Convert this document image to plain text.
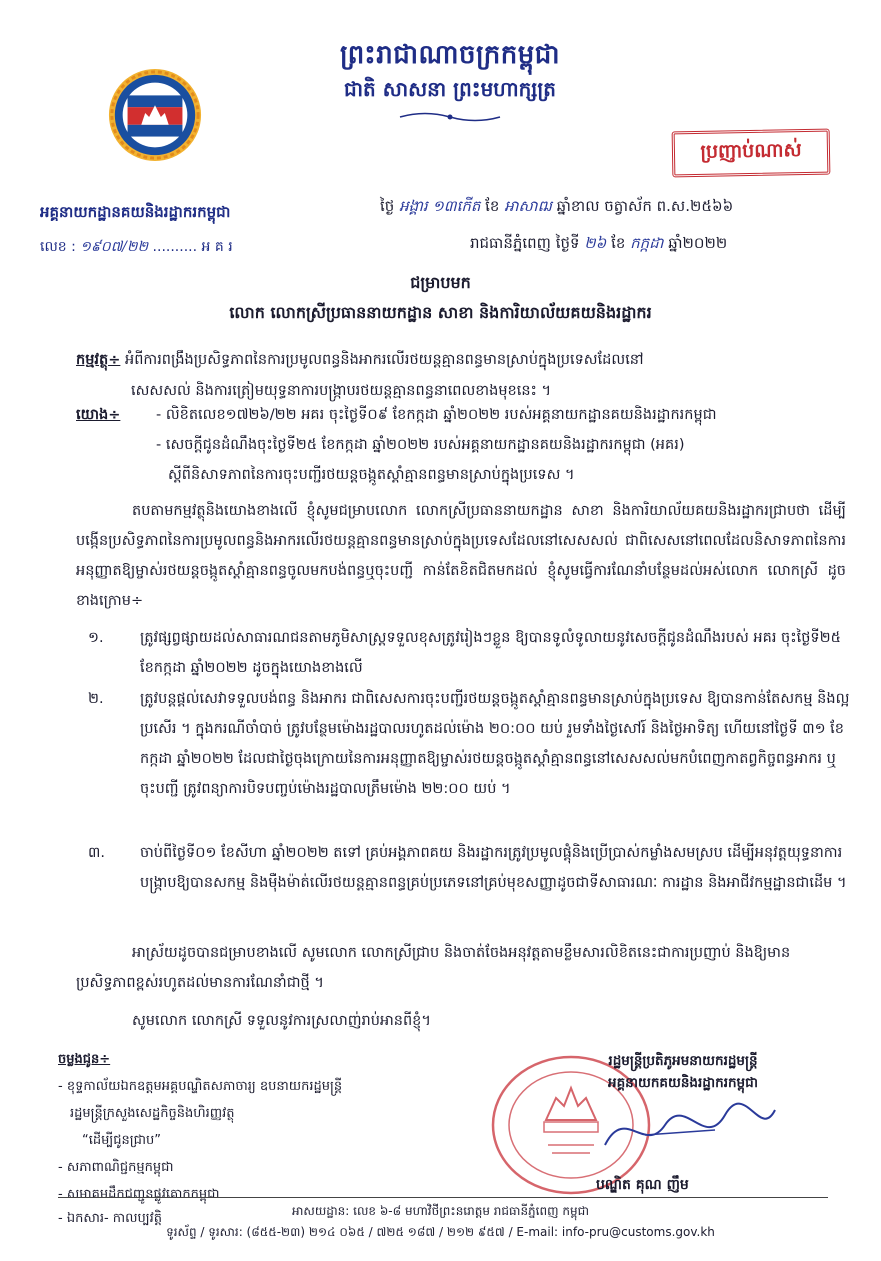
ព្រះរាជាណាចក្រកម្ពុជា
ជាតិ សាសនា ព្រះមហាក្សត្រ
ប្រញាប់ណាស់
អគ្គនាយកដ្ឋានគយនិងរដ្ឋាករកម្ពុជា
លេខ : ១៩០៧/២២ .......... អ គ រ
ថ្ងៃ អង្គារ ១៣កើត ខែ អាសាឍ ឆ្នាំខាល ចត្វាស័ក ព.ស.២៥៦៦
រាជធានីភ្នំពេញ ថ្ងៃទី ២៦ ខែ កក្កដា ឆ្នាំ២០២២
ជម្រាបមក
លោក លោកស្រីប្រធាននាយកដ្ឋាន សាខា និងការិយាល័យគយនិងរដ្ឋាករ
កម្មវត្ថុ÷ អំពីការពង្រឹងប្រសិទ្ធភាពនៃការប្រមូលពន្ធនិងអាករលើរថយន្តគ្មានពន្ធមានស្រាប់ក្នុងប្រទេសដែលនៅ
សេសសល់ និងការត្រៀមយុទ្ធនាការបង្ក្រាបរថយន្តគ្មានពន្ធនាពេលខាងមុខនេះ ។
យោង÷	- លិខិតលេខ១៧២៦/២២ អគរ ចុះថ្ងៃទី០៩ ខែកក្កដា ឆ្នាំ២០២២ របស់អគ្គនាយកដ្ឋានគយនិងរដ្ឋាករកម្ពុជា
- សេចក្តីជូនដំណឹងចុះថ្ងៃទី២៥ ខែកក្កដា ឆ្នាំ២០២២ របស់អគ្គនាយកដ្ឋានគយនិងរដ្ឋាករកម្ពុជា (អគរ)
ស្តីពីនិសាទភាពនៃការចុះបញ្ជីរថយន្តចង្កូតស្តាំគ្មានពន្ធមានស្រាប់ក្នុងប្រទេស ។
តបតាមកម្មវត្ថុនិងយោងខាងលើ ខ្ញុំសូមជម្រាបលោក លោកស្រីប្រធាននាយកដ្ឋាន សាខា និងការិយាល័យគយនិងរដ្ឋាករជ្រាបថា ដើម្បីបង្កើនប្រសិទ្ធភាពនៃការប្រមូលពន្ធនិងអាករលើរថយន្តគ្មានពន្ធមានស្រាប់ក្នុងប្រទេសដែលនៅសេសសល់ ជាពិសេសនៅពេលដែលនិសាទភាពនៃការអនុញ្ញាតឱ្យម្ចាស់រថយន្តចង្កូតស្តាំគ្មានពន្ធចូលមកបង់ពន្ធឬចុះបញ្ជី កាន់តែខិតជិតមកដល់ ខ្ញុំសូមធ្វើការណែនាំបន្ថែមដល់អស់លោក លោកស្រី ដូចខាងក្រោម÷
១.	ត្រូវផ្សព្វផ្សាយដល់សាធារណជនតាមភូមិសាស្រ្តទទួលខុសត្រូវរៀងៗខ្លួន ឱ្យបានទូលំទូលាយនូវសេចក្តីជូនដំណឹងរបស់ អគរ ចុះថ្ងៃទី២៥ ខែកក្កដា ឆ្នាំ២០២២ ដូចក្នុងយោងខាងលើ
២.	ត្រូវបន្តផ្តល់សេវាទទួលបង់ពន្ធ និងអាករ ជាពិសេសការចុះបញ្ជីរថយន្តចង្កូតស្តាំគ្មានពន្ធមានស្រាប់ក្នុងប្រទេស ឱ្យបានកាន់តែសកម្ម និងល្អប្រសើរ ។ ក្នុងករណីចាំបាច់ ត្រូវបន្ថែមម៉ោងរដ្ឋបាលរហូតដល់ម៉ោង ២០:០០ យប់ រួមទាំងថ្ងៃសៅរ៍ និងថ្ងៃអាទិត្យ ហើយនៅថ្ងៃទី ៣១ ខែកក្កដា ឆ្នាំ២០២២ ដែលជាថ្ងៃចុងក្រោយនៃការអនុញ្ញាតឱ្យម្ចាស់រថយន្តចង្កូតស្តាំគ្មានពន្ធនៅសេសសល់មកបំពេញកាតព្វកិច្ចពន្ធអាករ ឬចុះបញ្ជី ត្រូវពន្យាការបិទបញ្ចប់ម៉ោងរដ្ឋបាលត្រឹមម៉ោង ២២:០០ យប់ ។
៣. ចាប់ពីថ្ងៃទី០១ ខែសីហា ឆ្នាំ២០២២ តទៅ គ្រប់អង្គភាពគយ និងរដ្ឋាករត្រូវប្រមូលផ្តុំនិងប្រើប្រាស់កម្លាំងសមស្រប ដើម្បីអនុវត្តយុទ្ធនាការបង្ក្រាបឱ្យបានសកម្ម និងម៉ឺងម៉ាត់លើរថយន្តគ្មានពន្ធគ្រប់ប្រភេទនៅគ្រប់មុខសញ្ញាដូចជាទីសាធារណៈ ការដ្ឋាន និងអាជីវកម្មដ្ឋានជាដើម ។
អាស្រ័យដូចបានជម្រាបខាងលើ សូមលោក លោកស្រីជ្រាប និងចាត់ចែងអនុវត្តតាមខ្លឹមសារលិខិតនេះជាការប្រញាប់ និងឱ្យមានប្រសិទ្ធភាពខ្ពស់រហូតដល់មានការណែនាំជាថ្មី ។
សូមលោក លោកស្រី ទទួលនូវការស្រលាញ់រាប់អានពីខ្ញុំ។
ចម្លងជូន÷
- ខុទ្ទកាល័យឯកឧត្តមអគ្គបណ្ឌិតសភាចារ្យ ឧបនាយករដ្ឋមន្រ្តី
រដ្ឋមន្រ្តីក្រសួងសេដ្ឋកិច្ចនិងហិរញ្ញវត្ថុ
“ដើម្បីជូនជ្រាប”
- សភាពាណិជ្ជកម្មកម្ពុជា
- សមាគមដឹកជញ្ជូនផ្លូវគោកកម្ពុជា
- ឯកសារ- កាលប្បវត្តិ
រដ្ឋមន្រ្តីប្រតិភូអមនាយករដ្ឋមន្រ្តី
អគ្គនាយកគយនិងរដ្ឋាករកម្ពុជា
បណ្ឌិត គុណ ញឹម
អាសយដ្ឋាន: លេខ ៦-៨ មហាវិថីព្រះនរោត្តម រាជធានីភ្នំពេញ កម្ពុជា
ទូរស័ព្ទ / ទូរសារ: (៨៥៥-២៣) ២១៤ ០៦៥ / ៧២៥ ១៨៧ / ២១២ ៩៥៧ / E-mail: info-pru@customs.gov.kh
